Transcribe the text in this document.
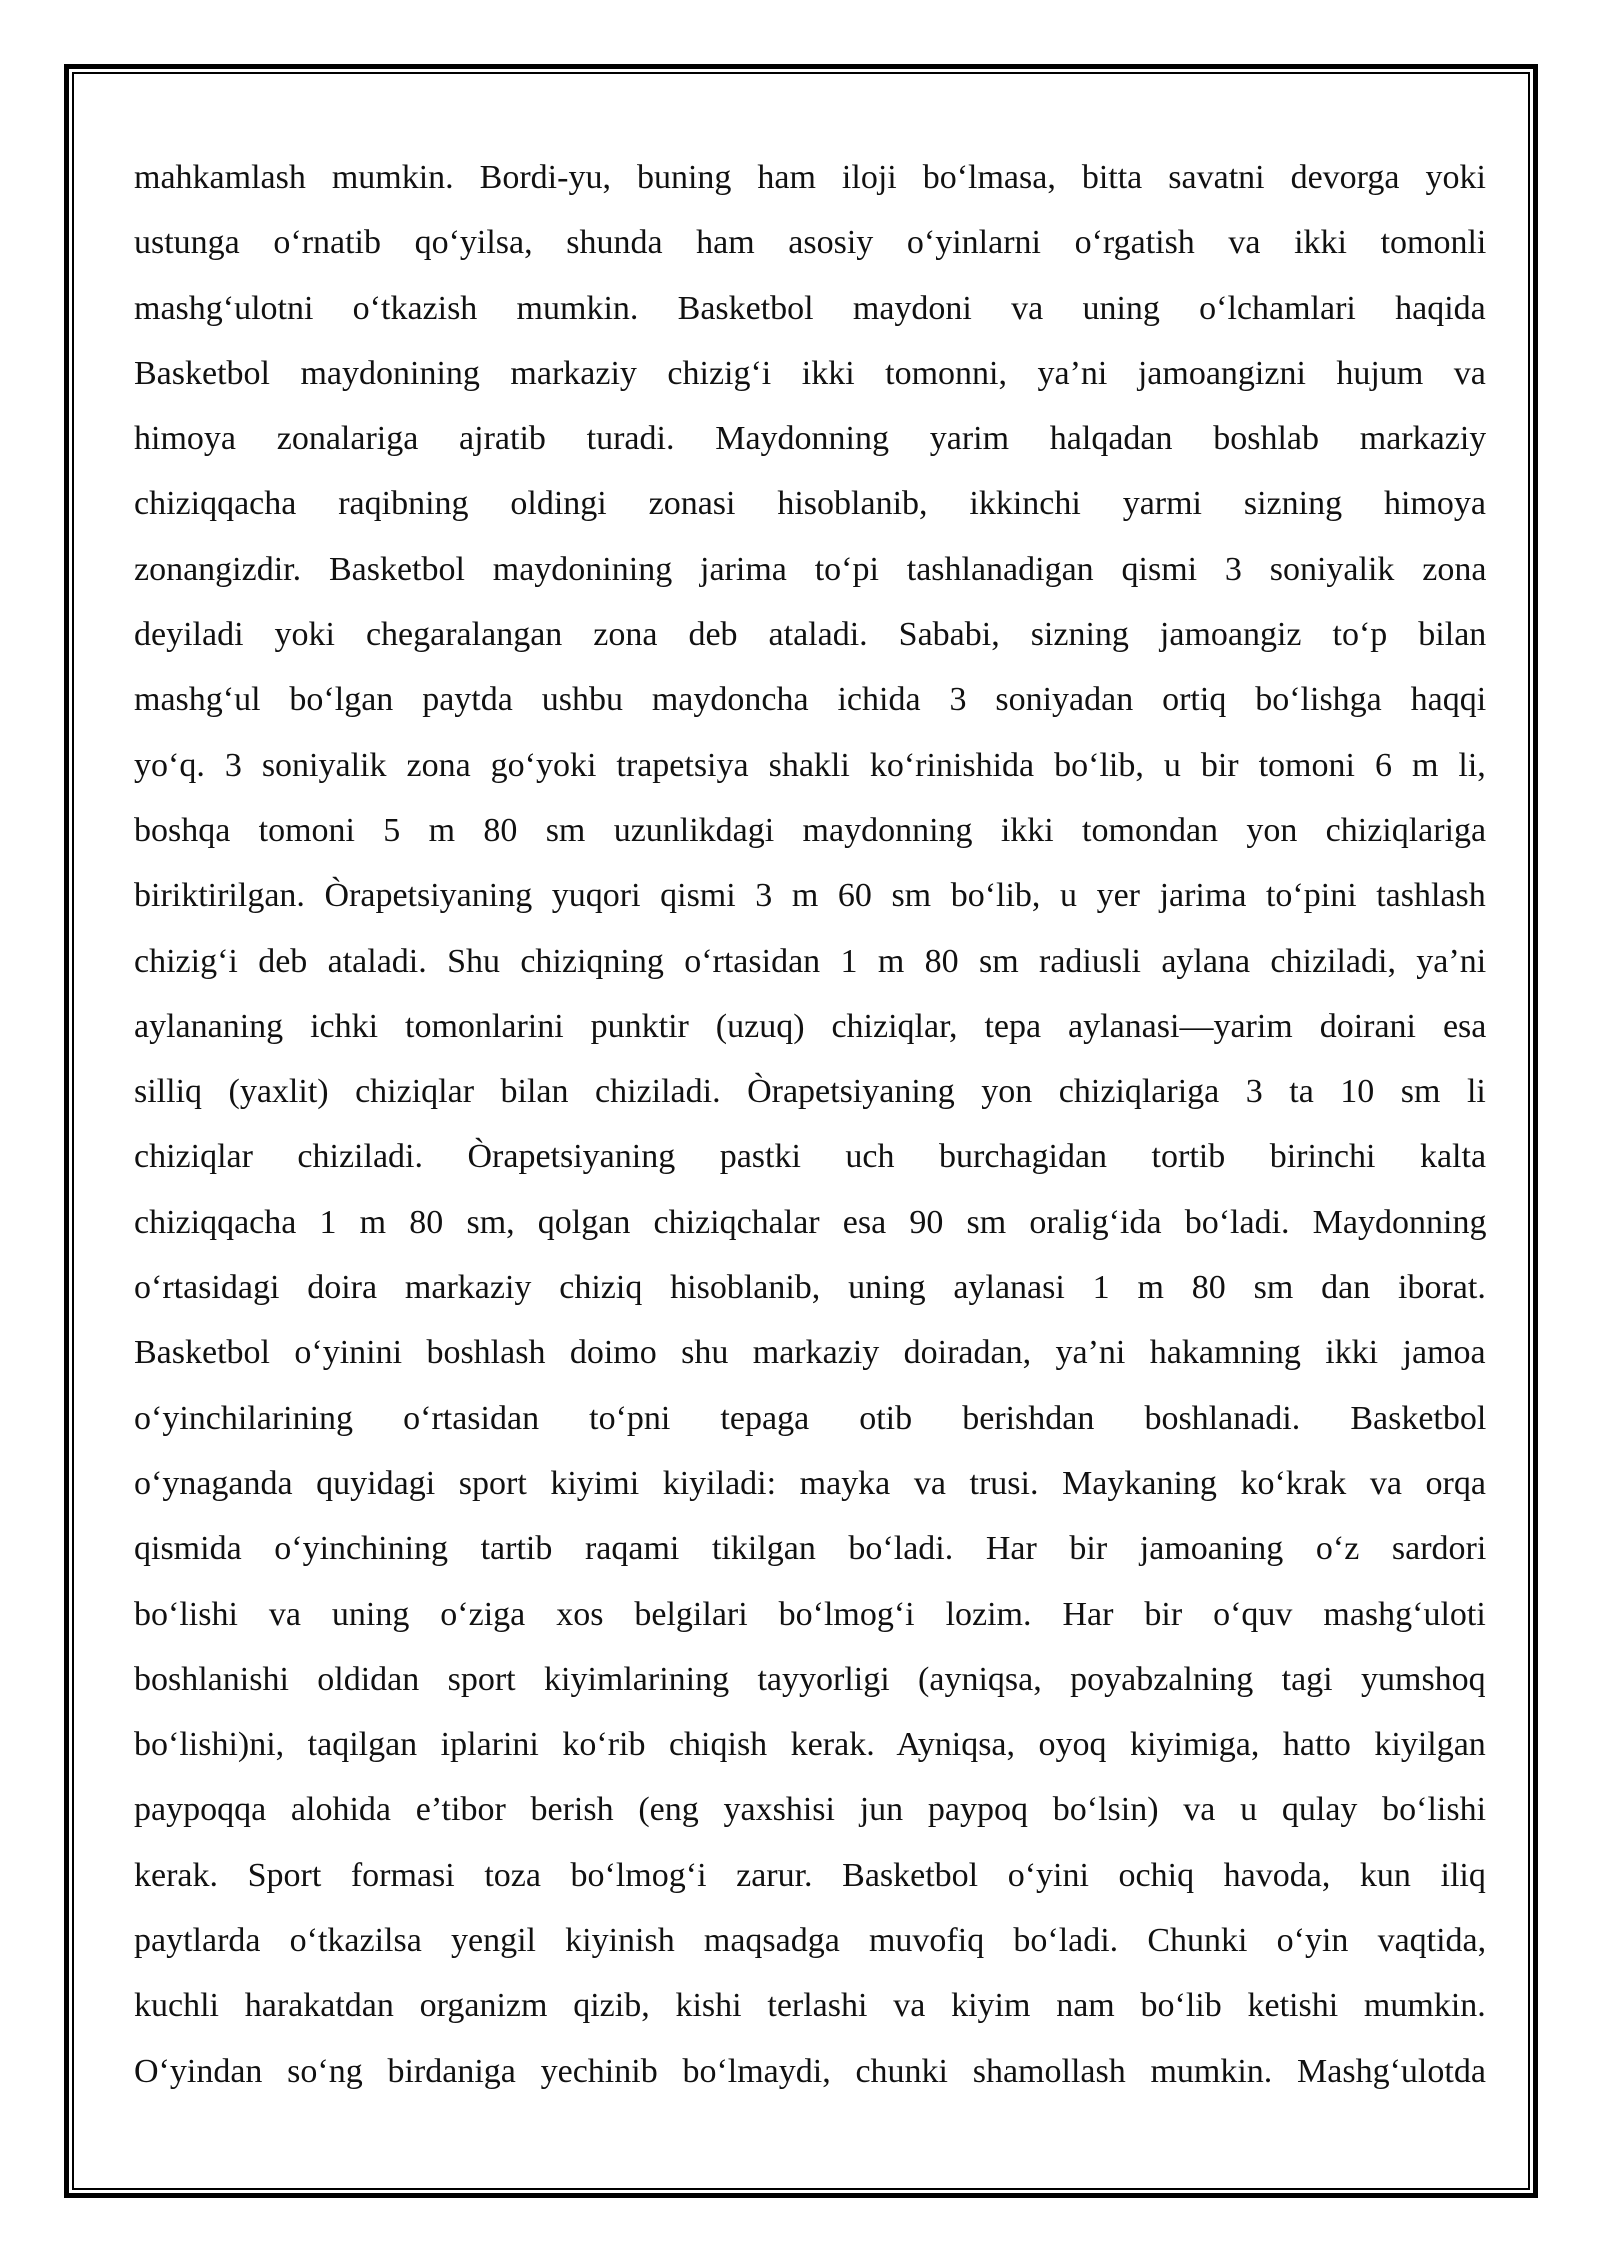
mahkamlash mumkin. Bordi-yu, buning ham iloji bo‘lmasa, bitta savatni devorga yoki
ustunga o‘rnatib qo‘yilsa, shunda ham asosiy o‘yinlarni o‘rgatish va ikki tomonli
mashg‘ulotni o‘tkazish mumkin. Basketbol maydoni va uning o‘lchamlari haqida
Basketbol maydonining markaziy chizig‘i ikki tomonni, ya’ni jamoangizni hujum va
himoya zonalariga ajratib turadi. Maydonning yarim halqadan boshlab markaziy
chiziqqacha raqibning oldingi zonasi hisoblanib, ikkinchi yarmi sizning himoya
zonangizdir. Basketbol maydonining jarima to‘pi tashlanadigan qismi 3 soniyalik zona
deyiladi yoki chegaralangan zona deb ataladi. Sababi, sizning jamoangiz to‘p bilan
mashg‘ul bo‘lgan paytda ushbu maydoncha ichida 3 soniyadan ortiq bo‘lishga haqqi
yo‘q. 3 soniyalik zona go‘yoki trapetsiya shakli ko‘rinishida bo‘lib, u bir tomoni 6 m li,
boshqa tomoni 5 m 80 sm uzunlikdagi maydonning ikki tomondan yon chiziqlariga
biriktirilgan. Òrapetsiyaning yuqori qismi 3 m 60 sm bo‘lib, u yer jarima to‘pini tashlash
chizig‘i deb ataladi. Shu chiziqning o‘rtasidan 1 m 80 sm radiusli aylana chiziladi, ya’ni
aylananing ichki tomonlarini punktir (uzuq) chiziqlar, tepa aylanasi—yarim doirani esa
silliq (yaxlit) chiziqlar bilan chiziladi. Òrapetsiyaning yon chiziqlariga 3 ta 10 sm li
chiziqlar chiziladi. Òrapetsiyaning pastki uch burchagidan tortib birinchi kalta
chiziqqacha 1 m 80 sm, qolgan chiziqchalar esa 90 sm oralig‘ida bo‘ladi. Maydonning
o‘rtasidagi doira markaziy chiziq hisoblanib, uning aylanasi 1 m 80 sm dan iborat.
Basketbol o‘yinini boshlash doimo shu markaziy doiradan, ya’ni hakamning ikki jamoa
o‘yinchilarining o‘rtasidan to‘pni tepaga otib berishdan boshlanadi. Basketbol
o‘ynaganda quyidagi sport kiyimi kiyiladi: mayka va trusi. Maykaning ko‘krak va orqa
qismida o‘yinchining tartib raqami tikilgan bo‘ladi. Har bir jamoaning o‘z sardori
bo‘lishi va uning o‘ziga xos belgilari bo‘lmog‘i lozim. Har bir o‘quv mashg‘uloti
boshlanishi oldidan sport kiyimlarining tayyorligi (ayniqsa, poyabzalning tagi yumshoq
bo‘lishi)ni, taqilgan iplarini ko‘rib chiqish kerak. Ayniqsa, oyoq kiyimiga, hatto kiyilgan
paypoqqa alohida e’tibor berish (eng yaxshisi jun paypoq bo‘lsin) va u qulay bo‘lishi
kerak. Sport formasi toza bo‘lmog‘i zarur. Basketbol o‘yini ochiq havoda, kun iliq
paytlarda o‘tkazilsa yengil kiyinish maqsadga muvofiq bo‘ladi. Chunki o‘yin vaqtida,
kuchli harakatdan organizm qizib, kishi terlashi va kiyim nam bo‘lib ketishi mumkin.
O‘yindan so‘ng birdaniga yechinib bo‘lmaydi, chunki shamollash mumkin. Mashg‘ulotda
